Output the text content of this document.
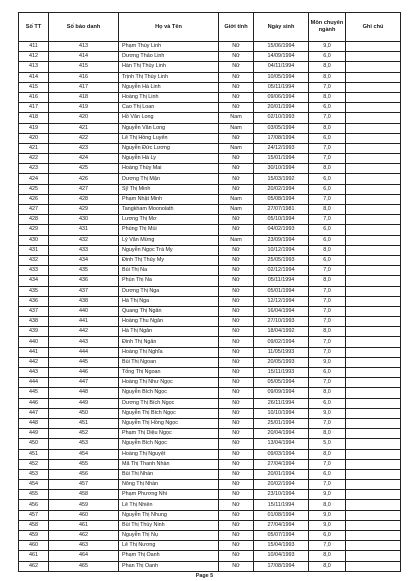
Số TT	Số báo danh	Họ và Tên	Giới tính	Ngày sinh	Môn chuyên ngành	Ghi chú
411	413	Phạm Thùy Linh	Nữ	15/06/1994	9,0	
412	414	Dương Thảo Linh	Nữ	14/09/1994	6,0	
413	415	Hàn Thị Thùy Linh	Nữ	04/11/1994	8,0	
414	416	Trịnh Thị Thùy Linh	Nữ	10/05/1994	8,0	
415	417	Nguyễn Hà Linh	Nữ	05/11/1994	7,0	
416	418	Hoàng Thị Linh	Nữ	09/06/1994	8,0	
417	419	Cao Thị Loan	Nữ	20/01/1994	6,0	
418	420	Hồ Văn Long	Nam	02/10/1993	7,0	
419	421	Nguyễn Văn Long	Nam	03/05/1994	8,0	
420	422	Lê Thị Hồng Luyến	Nữ	17/08/1994	6,0	
421	423	Nguyễn Đức Lương	Nam	24/12/1993	7,0	
422	424	Nguyễn Hà Ly	Nữ	15/01/1994	7,0	
423	425	Hoàng Thùy Mai	Nữ	30/10/1994	8,0	
424	426	Dương Thị Mận	Nữ	15/03/1992	6,0	
425	427	Sỹ Thị Minh	Nữ	20/02/1994	6,0	
426	428	Phạm Nhật Minh	Nam	05/08/1994	7,0	
427	429	Tangkham Moonolath	Nam	27/07/1981	8,0	
428	430	Lương Thị Mơ	Nữ	05/10/1994	7,0	
429	431	Phùng Thị Mùi	Nữ	04/02/1993	6,0	
430	432	Lý Văn Mừng	Nam	23/09/1994	6,0	
431	433	Nguyễn Ngọc Trà My	Nữ	10/12/1994	8,0	
432	434	Đinh Thị Thúy My	Nữ	25/05/1993	6,0	
433	435	Bùi Thị Na	Nữ	02/12/1994	7,0	
434	436	Phùn Thị Na	Nữ	05/11/1994	8,0	
435	437	Dương Thị Nga	Nữ	05/01/1994	7,0	
436	438	Hà Thị Nga	Nữ	12/12/1994	7,0	
437	440	Quang Thị Ngân	Nữ	16/04/1994	7,0	
438	441	Hoàng Thu Ngân	Nữ	27/10/1993	7,0	
439	442	Hà Thị Ngân	Nữ	18/04/1992	8,0	
440	443	Đinh Thị Ngân	Nữ	09/02/1994	7,0	
441	444	Hoàng Thị Nghĩa	Nữ	11/05/1993	7,0	
442	445	Bùi Thị Ngoan	Nữ	20/05/1993	9,0	
443	446	Tống Thị Ngoan	Nữ	15/11/1993	6,0	
444	447	Hoàng Thị Như Ngọc	Nữ	05/05/1994	7,0	
445	448	Nguyễn Bích Ngọc	Nữ	09/09/1994	8,0	
446	449	Dương Thị Bích Ngọc	Nữ	26/11/1994	6,0	
447	450	Nguyễn Thị Bích Ngọc	Nữ	10/10/1994	9,0	
448	451	Nguyễn Thị Hồng Ngọc	Nữ	25/01/1994	7,0	
449	452	Phạm Thị Diệu Ngọc	Nữ	20/04/1994	8,0	
450	453	Nguyễn Bích Ngọc	Nữ	13/04/1994	5,0	
451	454	Hoàng Thị Nguyệt	Nữ	09/03/1994	8,0	
452	455	Mã Thị Thanh Nhàn	Nữ	27/04/1994	7,0	
453	456	Bùi Thị Nhàn	Nữ	20/01/1994	6,0	
454	457	Nông Thị Nhàn	Nữ	20/02/1994	7,0	
455	458	Phạm Phương Nhi	Nữ	23/10/1994	9,0	
456	459	Lê Thị Nhiên	Nữ	15/11/1994	8,0	
457	460	Nguyễn Thị Nhung	Nữ	01/08/1994	9,0	
458	461	Bùi Thị Thùy Ninh	Nữ	27/04/1994	9,0	
459	462	Nguyễn Thị Nụ	Nữ	05/07/1994	6,0	
460	463	Lê Thị Nương	Nữ	15/04/1993	7,0	
461	464	Phạm Thị Oanh	Nữ	10/04/1993	8,0	
462	465	Phan Thị Oanh	Nữ	17/08/1994	8,0	
Page 5
